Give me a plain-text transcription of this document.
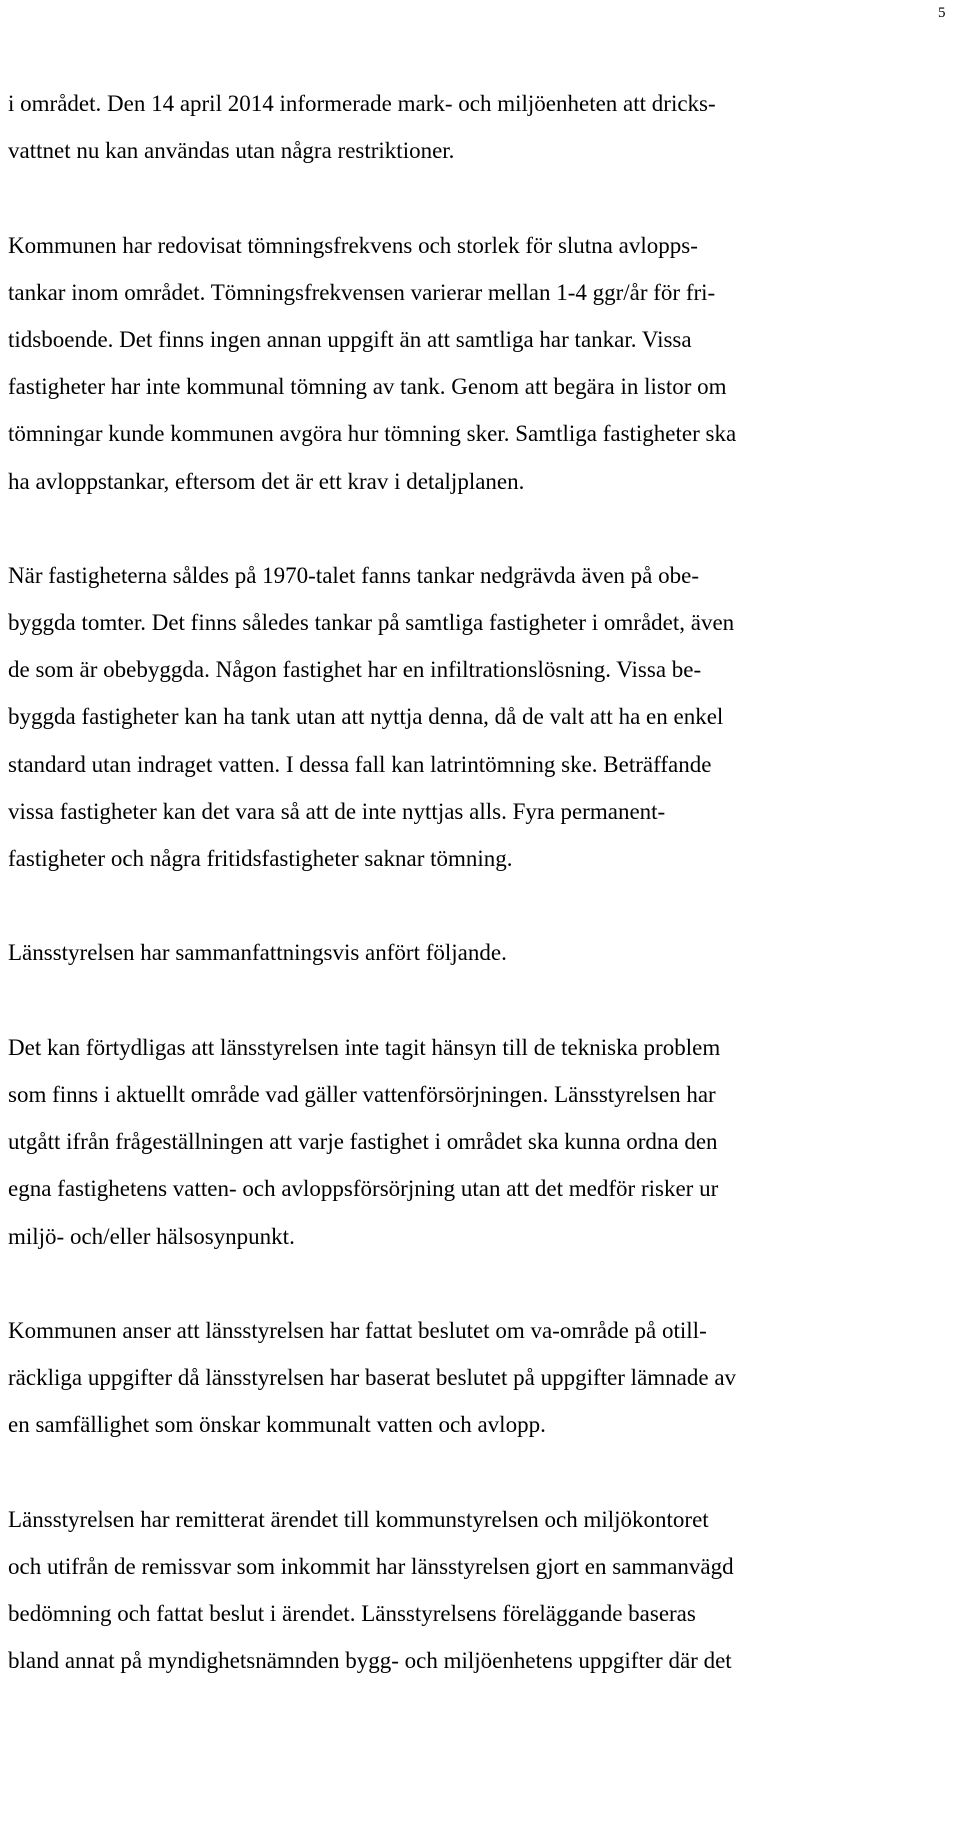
5
i området. Den 14 april 2014 informerade mark- och miljöenheten att dricks-
vattnet nu kan användas utan några restriktioner.
Kommunen har redovisat tömningsfrekvens och storlek för slutna avlopps-
tankar inom området. Tömningsfrekvensen varierar mellan 1-4 ggr/år för fri-
tidsboende. Det finns ingen annan uppgift än att samtliga har tankar. Vissa
fastigheter har inte kommunal tömning av tank. Genom att begära in listor om
tömningar kunde kommunen avgöra hur tömning sker. Samtliga fastigheter ska
ha avloppstankar, eftersom det är ett krav i detaljplanen.
När fastigheterna såldes på 1970-talet fanns tankar nedgrävda även på obe-
byggda tomter. Det finns således tankar på samtliga fastigheter i området, även
de som är obebyggda. Någon fastighet har en infiltrationslösning. Vissa be-
byggda fastigheter kan ha tank utan att nyttja denna, då de valt att ha en enkel
standard utan indraget vatten. I dessa fall kan latrintömning ske. Beträffande
vissa fastigheter kan det vara så att de inte nyttjas alls. Fyra permanent-
fastigheter och några fritidsfastigheter saknar tömning.
Länsstyrelsen har sammanfattningsvis anfört följande.
Det kan förtydligas att länsstyrelsen inte tagit hänsyn till de tekniska problem
som finns i aktuellt område vad gäller vattenförsörjningen. Länsstyrelsen har
utgått ifrån frågeställningen att varje fastighet i området ska kunna ordna den
egna fastighetens vatten- och avloppsförsörjning utan att det medför risker ur
miljö- och/eller hälsosynpunkt.
Kommunen anser att länsstyrelsen har fattat beslutet om va-område på otill-
räckliga uppgifter då länsstyrelsen har baserat beslutet på uppgifter lämnade av
en samfällighet som önskar kommunalt vatten och avlopp.
Länsstyrelsen har remitterat ärendet till kommunstyrelsen och miljökontoret
och utifrån de remissvar som inkommit har länsstyrelsen gjort en sammanvägd
bedömning och fattat beslut i ärendet. Länsstyrelsens föreläggande baseras
bland annat på myndighetsnämnden bygg- och miljöenhetens uppgifter där det
